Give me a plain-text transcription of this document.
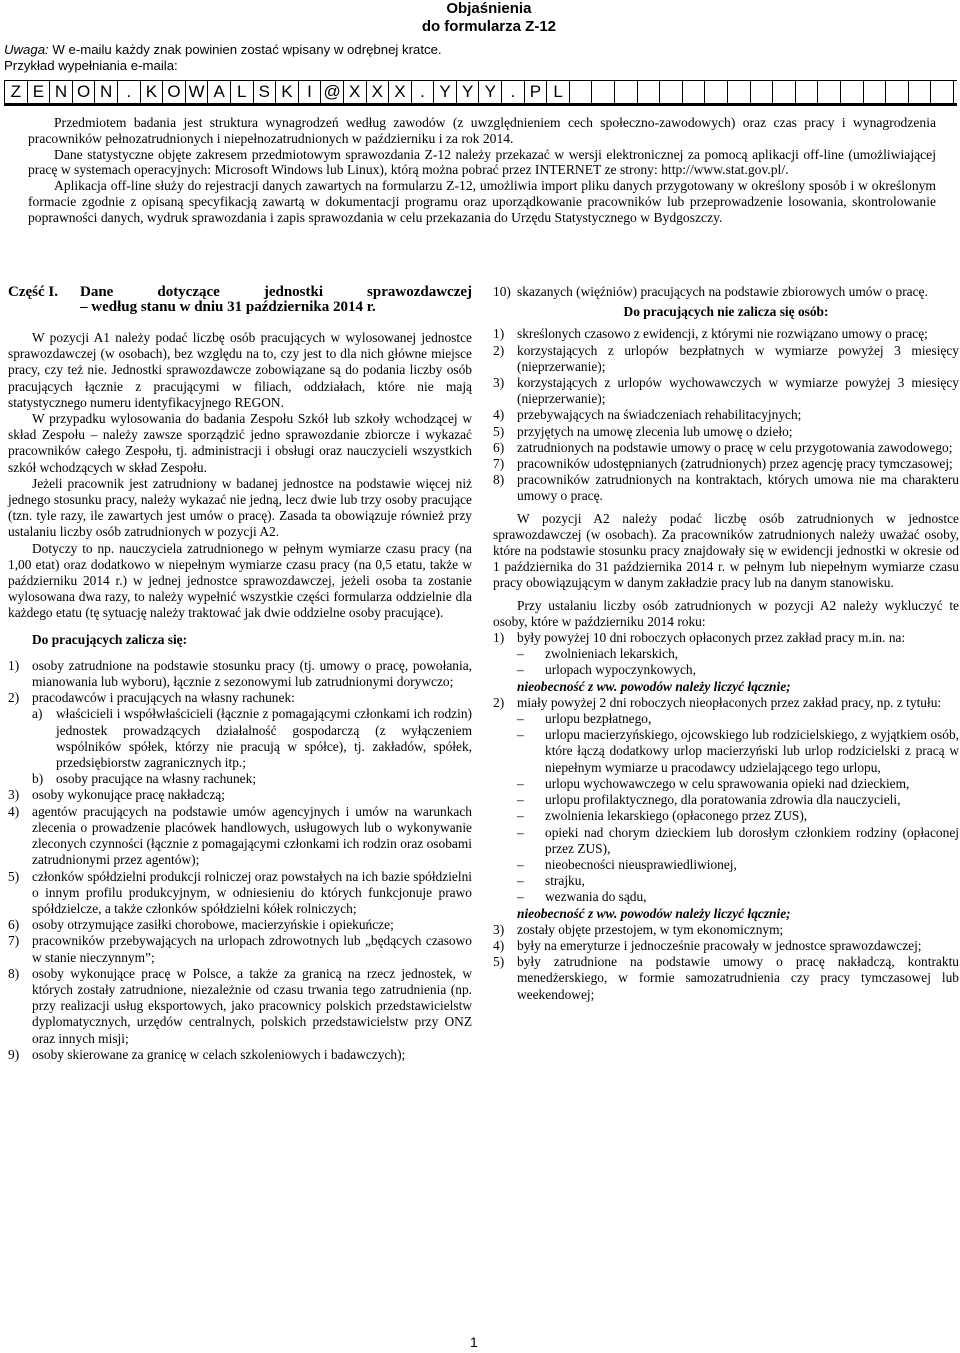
Objaśnienia
do formularza Z-12
Uwaga: W e-mailu każdy znak powinien zostać wpisany w odrębnej kratce.
Przykład wypełniania e-maila:
Z E N O N . K O W A L S K I @ X X X . Y Y Y . P L

Przedmiotem badania jest struktura wynagrodzeń według zawodów (z uwzględnieniem cech społeczno-zawodowych) oraz czas pracy i wynagrodzenia pracowników pełnozatrudnionych i niepełnozatrudnionych w październiku i za rok 2014.

Dane statystyczne objęte zakresem przedmiotowym sprawozdania Z-12 należy przekazać w wersji elektronicznej za pomocą aplikacji off-line (umożliwiającej pracę w systemach operacyjnych: Microsoft Windows lub Linux), którą można pobrać przez INTERNET ze strony: http://www.stat.gov.pl/.

Aplikacja off-line służy do rejestracji danych zawartych na formularzu Z-12, umożliwia import pliku danych przygotowany w określony sposób i w określonym formacie zgodnie z opisaną specyfikacją zawartą w dokumentacji programu oraz uporządkowanie pracowników lub przeprowadzenie losowania, skontrolowanie poprawności danych, wydruk sprawozdania i zapis sprawozdania w celu przekazania do Urzędu Statystycznego w Bydgoszczy.

Część I.	Dane dotyczące jednostki sprawozdawczej
– według stanu w dniu 31 października 2014 r.

W pozycji A1 należy podać liczbę osób pracujących w wylosowanej jednostce sprawozdawczej (w osobach), bez względu na to, czy jest to dla nich główne miejsce pracy, czy też nie. Jednostki sprawozdawcze zobowiązane są do podania liczby osób pracujących łącznie z pracującymi w filiach, oddziałach, które nie mają statystycznego numeru identyfikacyjnego REGON.

W przypadku wylosowania do badania Zespołu Szkół lub szkoły wchodzącej w skład Zespołu – należy zawsze sporządzić jedno sprawozdanie zbiorcze i wykazać pracowników całego Zespołu, tj. administracji i obsługi oraz nauczycieli wszystkich szkół wchodzących w skład Zespołu.

Jeżeli pracownik jest zatrudniony w badanej jednostce na podstawie więcej niż jednego stosunku pracy, należy wykazać nie jedną, lecz dwie lub trzy osoby pracujące (tzn. tyle razy, ile zawartych jest umów o pracę). Zasada ta obowiązuje również przy ustalaniu liczby osób zatrudnionych w pozycji A2.

Dotyczy to np. nauczyciela zatrudnionego w pełnym wymiarze czasu pracy (na 1,00 etat) oraz dodatkowo w niepełnym wymiarze czasu pracy (na 0,5 etatu, także w październiku 2014 r.) w jednej jednostce sprawozdawczej, jeżeli osoba ta zostanie wylosowana dwa razy, to należy wypełnić wszystkie części formularza oddzielnie dla każdego etatu (tę sytuację należy traktować jak dwie oddzielne osoby pracujące).

Do pracujących zalicza się:

1) osoby zatrudnione na podstawie stosunku pracy (tj. umowy o pracę, powołania, mianowania lub wyboru), łącznie z sezonowymi lub zatrudnionymi dorywczo;
2) pracodawców i pracujących na własny rachunek:
a)	właścicieli i współwłaścicieli (łącznie z pomagającymi członkami ich rodzin) jednostek prowadzących działalność gospodarczą (z wyłączeniem wspólników spółek, którzy nie pracują w spółce), tj. zakładów, spółek, przedsiębiorstw zagranicznych itp.;
b) osoby pracujące na własny rachunek;
3) osoby wykonujące pracę nakładczą;
4) agentów pracujących na podstawie umów agencyjnych i umów na warunkach zlecenia o prowadzenie placówek handlowych, usługowych lub o wykonywanie zleconych czynności (łącznie z pomagającymi członkami ich rodzin oraz osobami zatrudnionymi przez agentów);
5) członków spółdzielni produkcji rolniczej oraz powstałych na ich bazie spółdzielni o innym profilu produkcyjnym, w odniesieniu do których funkcjonuje prawo spółdzielcze, a także członków spółdzielni kółek rolniczych;
6) osoby otrzymujące zasiłki chorobowe, macierzyńskie i opiekuńcze;
7) pracowników przebywających na urlopach zdrowotnych lub „będących czasowo w stanie nieczynnym”;
8) osoby wykonujące pracę w Polsce, a także za granicą na rzecz jednostek, w których zostały zatrudnione, niezależnie od czasu trwania tego zatrudnienia (np. przy realizacji usług eksportowych, jako pracownicy polskich przedstawicielstw dyplomatycznych, urzędów centralnych, polskich przedstawicielstw przy ONZ oraz innych misji;
9) osoby skierowane za granicę w celach szkoleniowych i badawczych);
10) skazanych (więźniów) pracujących na podstawie zbiorowych umów o pracę.

Do pracujących nie zalicza się osób:

1) skreślonych czasowo z ewidencji, z którymi nie rozwiązano umowy o pracę;
2) korzystających z urlopów bezpłatnych w wymiarze powyżej 3 miesięcy (nieprzerwanie);
3) korzystających z urlopów wychowawczych w wymiarze powyżej 3 miesięcy (nieprzerwanie);
4) przebywających na świadczeniach rehabilitacyjnych;
5) przyjętych na umowę zlecenia lub umowę o dzieło;
6) zatrudnionych na podstawie umowy o pracę w celu przygotowania zawodowego;
7) pracowników udostępnianych (zatrudnionych) przez agencję pracy tymczasowej;
8) pracowników zatrudnionych na kontraktach, których umowa nie ma charakteru umowy o pracę.

W pozycji A2 należy podać liczbę osób zatrudnionych w jednostce sprawozdawczej (w osobach). Za pracowników zatrudnionych należy uważać osoby, które na podstawie stosunku pracy znajdowały się w ewidencji jednostki w okresie od 1 października do 31 października 2014 r. w pełnym lub niepełnym wymiarze czasu pracy obowiązującym w danym zakładzie pracy lub na danym stanowisku.

Przy ustalaniu liczby osób zatrudnionych w pozycji A2 należy wykluczyć te osoby, które w październiku 2014 roku:

1) były powyżej 10 dni roboczych opłaconych przez zakład pracy m.in. na:
–	zwolnieniach lekarskich,
–	urlopach wypoczynkowych,

nieobecność z ww. powodów należy liczyć łącznie;

2) miały powyżej 2 dni roboczych nieopłaconych przez zakład pracy, np. z tytułu:
–	urlopu bezpłatnego,
–	urlopu macierzyńskiego, ojcowskiego lub rodzicielskiego, z wyjątkiem osób, które łączą dodatkowy urlop macierzyński lub urlop rodzicielski z pracą w niepełnym wymiarze u pracodawcy udzielającego tego urlopu,
–	urlopu wychowawczego w celu sprawowania opieki nad dzieckiem,
–	urlopu profilaktycznego, dla poratowania zdrowia dla nauczycieli,
–	zwolnienia lekarskiego (opłaconego przez ZUS),
–	opieki nad chorym dzieckiem lub dorosłym członkiem rodziny (opłaconej przez ZUS),
–	nieobecności nieusprawiedliwionej,
–	strajku,
–	wezwania do sądu,

nieobecność z ww. powodów należy liczyć łącznie;

3) zostały objęte przestojem, w tym ekonomicznym;
4) były na emeryturze i jednocześnie pracowały w jednostce sprawozdawczej;
5) były zatrudnione na podstawie umowy o pracę nakładczą, kontraktu menedżerskiego, w formie samozatrudnienia czy pracy tymczasowej lub weekendowej;
1
